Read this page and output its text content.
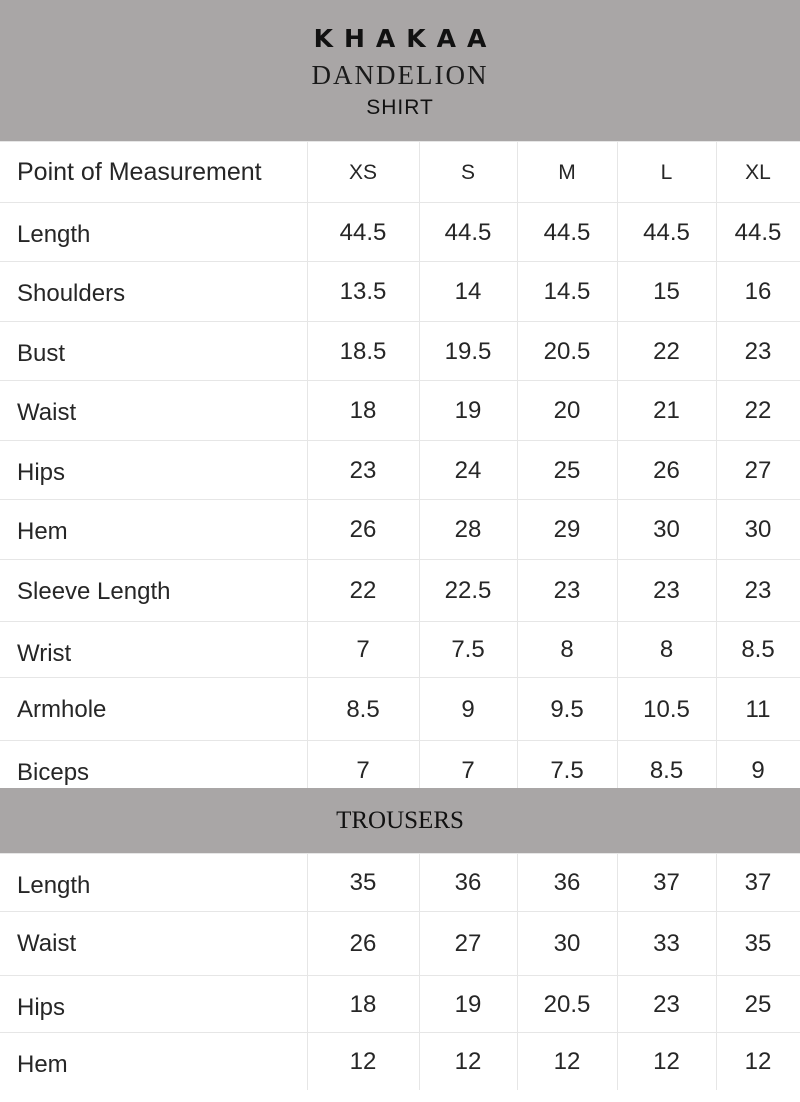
KHAKAA
DANDELION
SHIRT
Point of Measurement	XS	S	M	L	XL
Length	44.5	44.5	44.5	44.5	44.5
Shoulders	13.5	14	14.5	15	16
Bust	18.5	19.5	20.5	22	23
Waist	18	19	20	21	22
Hips	23	24	25	26	27
Hem	26	28	29	30	30
Sleeve Length	22	22.5	23	23	23
Wrist	7	7.5	8	8	8.5
Armhole	8.5	9	9.5	10.5	11
Biceps	7	7	7.5	8.5	9
TROUSERS
Length	35	36	36	37	37
Waist	26	27	30	33	35
Hips	18	19	20.5	23	25
Hem	12	12	12	12	12
